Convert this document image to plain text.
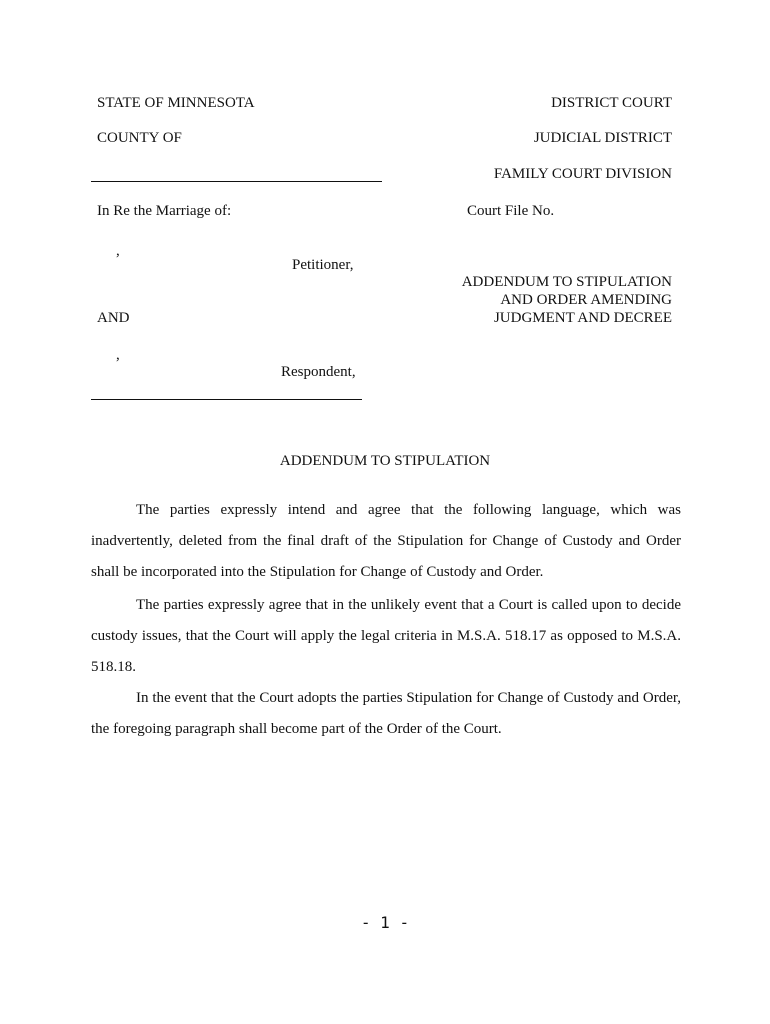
STATE OF MINNESOTA
COUNTY OF
In Re the Marriage of:
,
Petitioner,
AND
,
Respondent,
DISTRICT COURT
JUDICIAL DISTRICT
FAMILY COURT DIVISION
Court File No.
ADDENDUM TO STIPULATION
AND ORDER AMENDING
JUDGMENT AND DECREE
ADDENDUM TO STIPULATION

The parties expressly intend and agree that the following language, which was inadvertently, deleted from the final draft of the Stipulation for Change of Custody and Order shall be incorporated into the Stipulation for Change of Custody and Order.

The parties expressly agree that in the unlikely event that a Court is called upon to decide custody issues, that the Court will apply the legal criteria in M.S.A. 518.17 as opposed to M.S.A. 518.18.

In the event that the Court adopts the parties Stipulation for Change of Custody and Order, the foregoing paragraph shall become part of the Order of the Court.

- 1 -
